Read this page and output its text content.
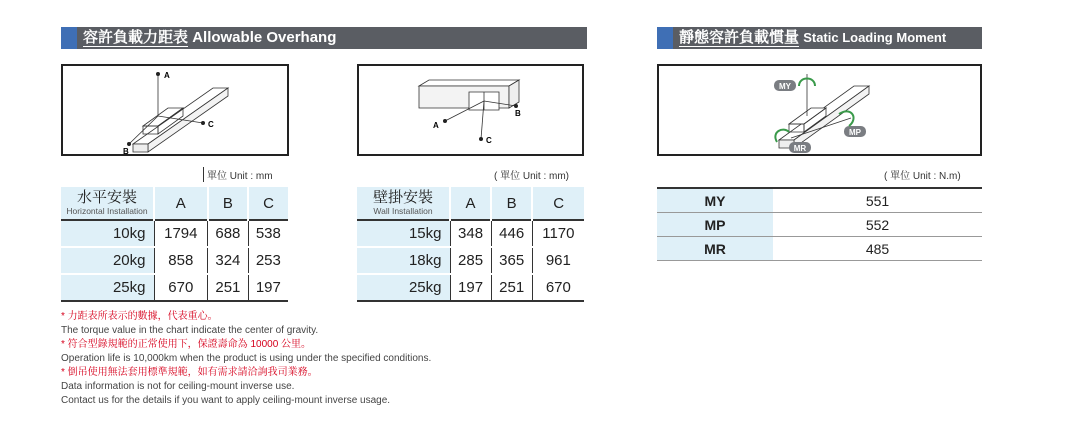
容許負載力距表 Allowable Overhang	靜態容許負載慣量 Static Loading Moment
A
C
B
A
B
C
MY
MP
MR
單位 Unit : mm	( 單位 Unit : mm)	( 單位 Unit : N.m)
水平安裝
Horizontal Installation	A	B	C
10kg	1794	688	538
20kg	858	324	253
25kg	670	251	197
壁掛安裝
Wall Installation	A	B	C
15kg	348	446	1170
18kg	285	365	961
25kg	197	251	670
MY	551
MP	552
MR	485
* 力距表所表示的數據，代表重心。
The torque value in the chart indicate the center of gravity.
* 符合型錄規範的正常使用下，保證壽命為 10000 公里。
Operation life is 10,000km when the product is using under the specified conditions.
* 倒吊使用無法套用標準規範，如有需求請洽詢我司業務。
Data information is not for ceiling-mount inverse use.
Contact us for the details if you want to apply ceiling-mount inverse usage.
